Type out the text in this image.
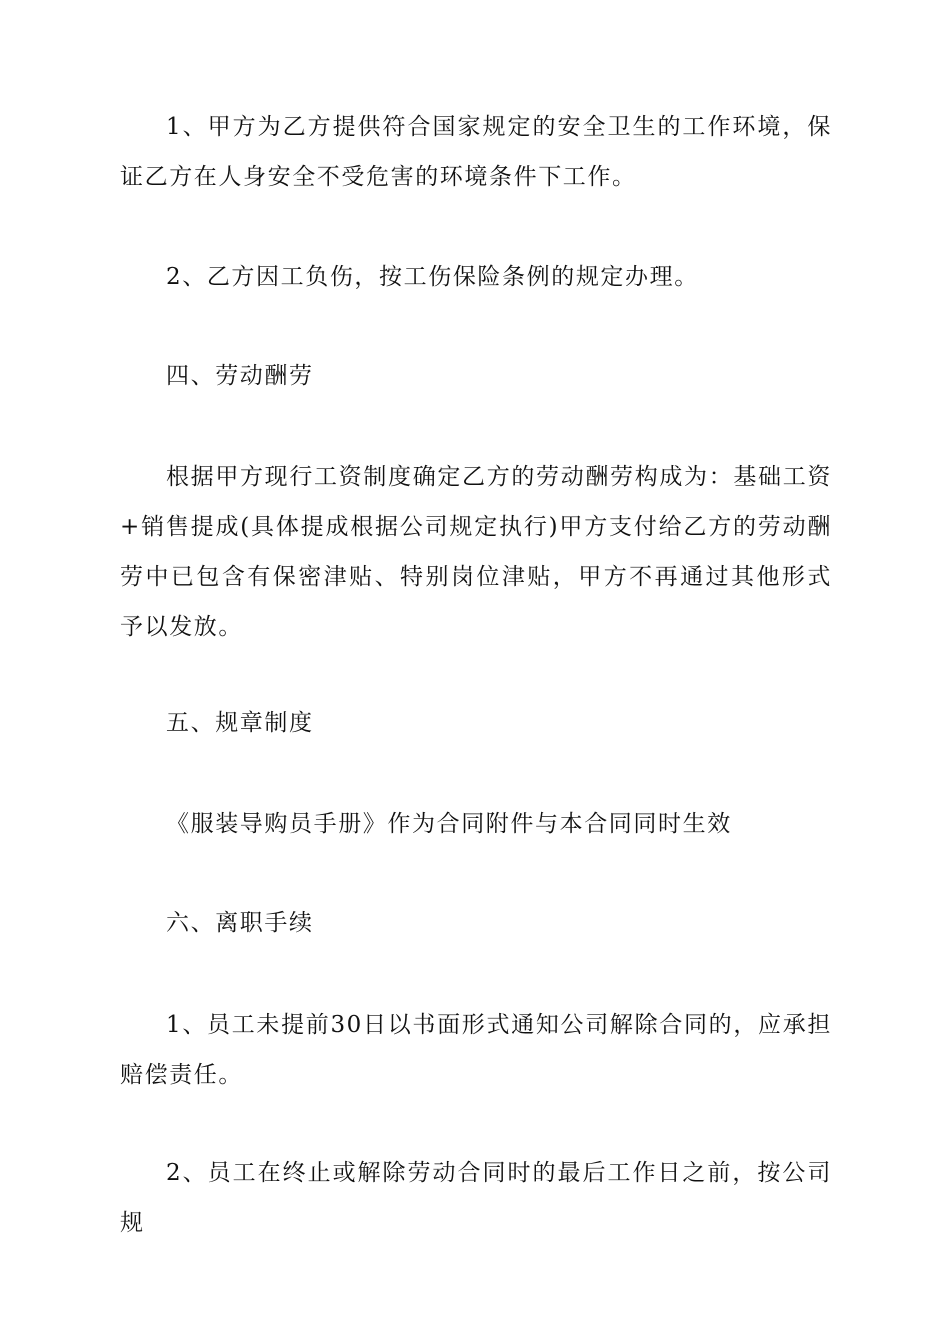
1、甲方为乙方提供符合国家规定的安全卫生的工作环境，保证乙方在人身安全不受危害的环境条件下工作。

2、乙方因工负伤，按工伤保险条例的规定办理。

四、劳动酬劳

根据甲方现行工资制度确定乙方的劳动酬劳构成为：基础工资+销售提成(具体提成根据公司规定执行)甲方支付给乙方的劳动酬劳中已包含有保密津贴、特别岗位津贴，甲方不再通过其他形式予以发放。

五、规章制度

《服装导购员手册》作为合同附件与本合同同时生效

六、离职手续

1、员工未提前30日以书面形式通知公司解除合同的，应承担赔偿责任。

2、员工在终止或解除劳动合同时的最后工作日之前，按公司规
